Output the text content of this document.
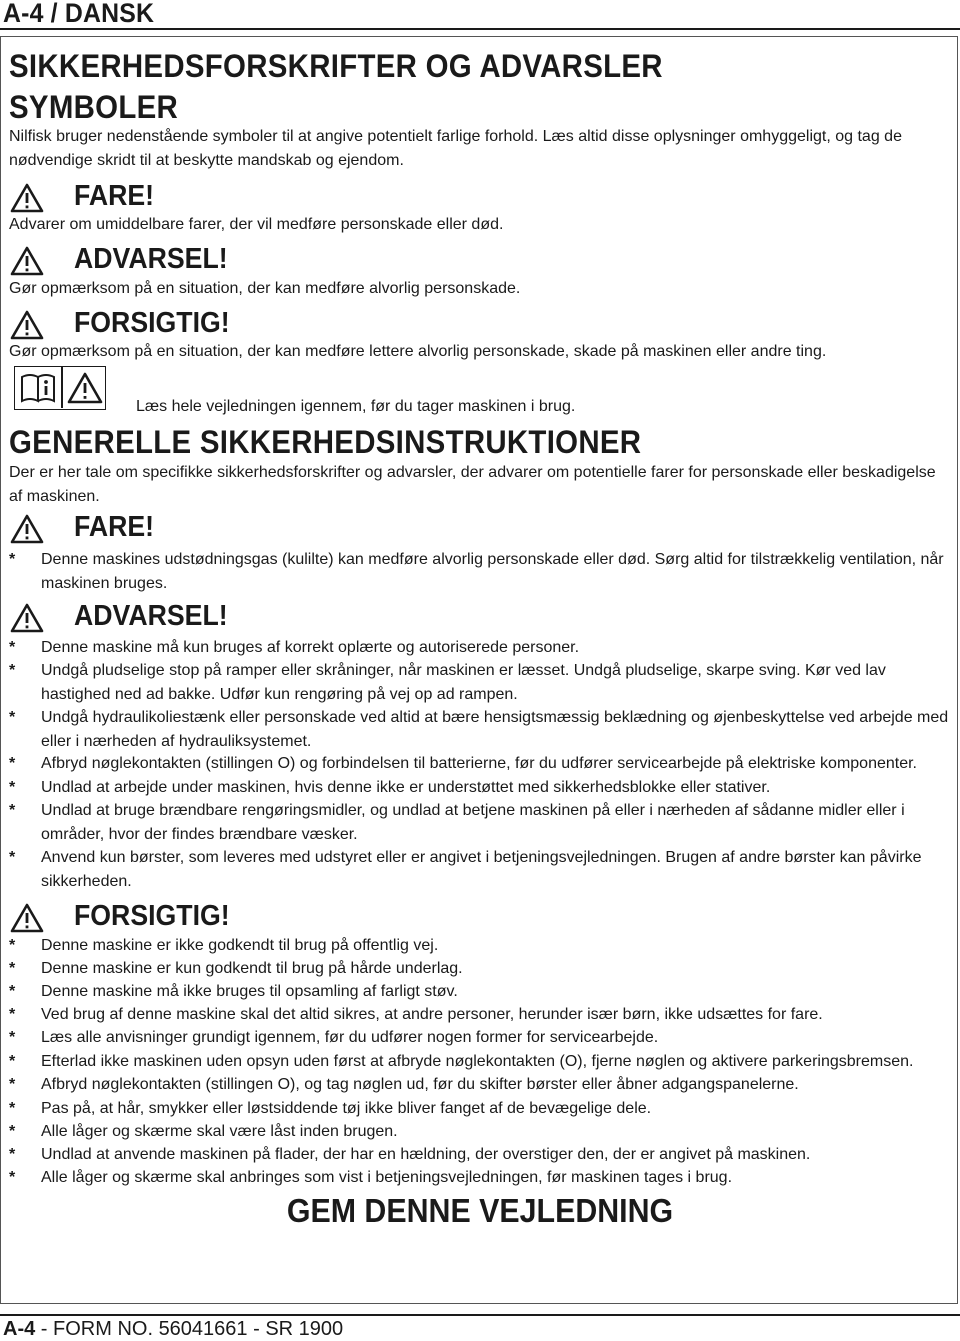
A-4 / DANSK
SIKKERHEDSFORSKRIFTER OG ADVARSLER
SYMBOLER
Nilfisk bruger nedenstående symboler til at angive potentielt farlige forhold. Læs altid disse oplysninger omhyggeligt, og tag de nødvendige skridt til at beskytte mandskab og ejendom.
FARE!
Advarer om umiddelbare farer, der vil medføre personskade eller død.
ADVARSEL!
Gør opmærksom på en situation, der kan medføre alvorlig personskade.
FORSIGTIG!
Gør opmærksom på en situation, der kan medføre lettere alvorlig personskade, skade på maskinen eller andre ting.
Læs hele vejledningen igennem, før du tager maskinen i brug.
GENERELLE SIKKERHEDSINSTRUKTIONER
Der er her tale om specifikke sikkerhedsforskrifter og advarsler, der advarer om potentielle farer for personskade eller beskadigelse af maskinen.
FARE!
* Denne maskines udstødningsgas (kulilte) kan medføre alvorlig personskade eller død. Sørg altid for tilstrækkelig ventilation, når maskinen bruges.
ADVARSEL!
* Denne maskine må kun bruges af korrekt oplærte og autoriserede personer.
* Undgå pludselige stop på ramper eller skråninger, når maskinen er læsset. Undgå pludselige, skarpe sving. Kør ved lav hastighed ned ad bakke. Udfør kun rengøring på vej op ad rampen.
* Undgå hydraulikoliestænk eller personskade ved altid at bære hensigtsmæssig beklædning og øjenbeskyttelse ved arbejde med eller i nærheden af hydrauliksystemet.
* Afbryd nøglekontakten (stillingen O) og forbindelsen til batterierne, før du udfører servicearbejde på elektriske komponenter.
* Undlad at arbejde under maskinen, hvis denne ikke er understøttet med sikkerhedsblokke eller stativer.
* Undlad at bruge brændbare rengøringsmidler, og undlad at betjene maskinen på eller i nærheden af sådanne midler eller i områder, hvor der findes brændbare væsker.
* Anvend kun børster, som leveres med udstyret eller er angivet i betjeningsvejledningen. Brugen af andre børster kan påvirke sikkerheden.
FORSIGTIG!
* Denne maskine er ikke godkendt til brug på offentlig vej.
* Denne maskine er kun godkendt til brug på hårde underlag.
* Denne maskine må ikke bruges til opsamling af farligt støv.
* Ved brug af denne maskine skal det altid sikres, at andre personer, herunder især børn, ikke udsættes for fare.
* Læs alle anvisninger grundigt igennem, før du udfører nogen former for servicearbejde.
* Efterlad ikke maskinen uden opsyn uden først at afbryde nøglekontakten (O), fjerne nøglen og aktivere parkeringsbremsen.
* Afbryd nøglekontakten (stillingen O), og tag nøglen ud, før du skifter børster eller åbner adgangspanelerne.
* Pas på, at hår, smykker eller løstsiddende tøj ikke bliver fanget af de bevægelige dele.
* Alle låger og skærme skal være låst inden brugen.
* Undlad at anvende maskinen på flader, der har en hældning, der overstiger den, der er angivet på maskinen.
* Alle låger og skærme skal anbringes som vist i betjeningsvejledningen, før maskinen tages i brug.
GEM DENNE VEJLEDNING
A-4 - FORM NO. 56041661 - SR 1900
